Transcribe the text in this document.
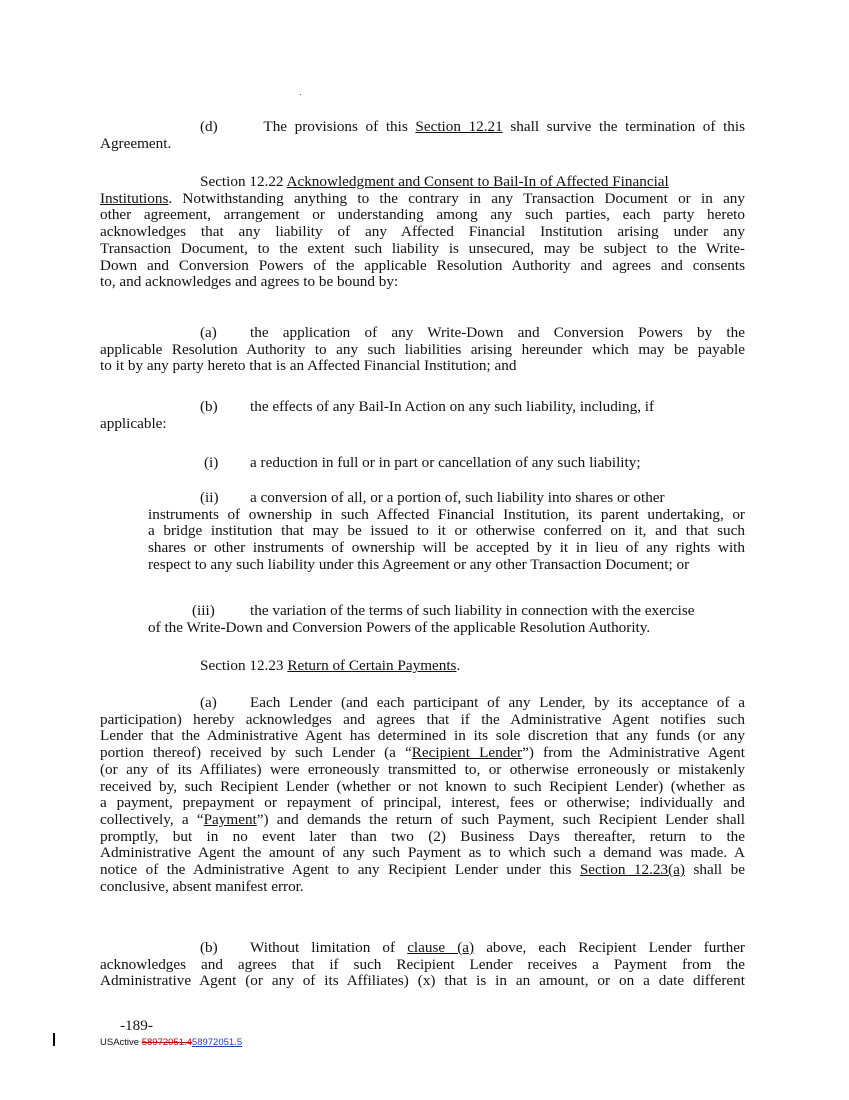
(d)      The provisions of this Section 12.21 shall survive the termination of this
Agreement.

Section 12.22 Acknowledgment and Consent to Bail-In of Affected Financial
Institutions. Notwithstanding anything to the contrary in any Transaction Document or in any
other agreement, arrangement or understanding among any such parties, each party hereto
acknowledges that any liability of any Affected Financial Institution arising under any
Transaction Document, to the extent such liability is unsecured, may be subject to the Write-
Down and Conversion Powers of the applicable Resolution Authority and agrees and consents
to, and acknowledges and agrees to be bound by:

(a) the application of any Write-Down and Conversion Powers by the
applicable Resolution Authority to any such liabilities arising hereunder which may be payable
to it by any party hereto that is an Affected Financial Institution; and

(b) the effects of any Bail-In Action on any such liability, including, if
applicable:

(i) a reduction in full or in part or cancellation of any such liability;

(ii) a conversion of all, or a portion of, such liability into shares or other
instruments of ownership in such Affected Financial Institution, its parent undertaking, or
a bridge institution that may be issued to it or otherwise conferred on it, and that such
shares or other instruments of ownership will be accepted by it in lieu of any rights with
respect to any such liability under this Agreement or any other Transaction Document; or

(iii) the variation of the terms of such liability in connection with the exercise
of the Write-Down and Conversion Powers of the applicable Resolution Authority.

Section 12.23 Return of Certain Payments.

(a) Each Lender (and each participant of any Lender, by its acceptance of a
participation) hereby acknowledges and agrees that if the Administrative Agent notifies such
Lender that the Administrative Agent has determined in its sole discretion that any funds (or any
portion thereof) received by such Lender (a “Recipient Lender”) from the Administrative Agent
(or any of its Affiliates) were erroneously transmitted to, or otherwise erroneously or mistakenly
received by, such Recipient Lender (whether or not known to such Recipient Lender) (whether as
a payment, prepayment or repayment of principal, interest, fees or otherwise; individually and
collectively, a “Payment”) and demands the return of such Payment, such Recipient Lender shall
promptly, but in no event later than two (2) Business Days thereafter, return to the
Administrative Agent the amount of any such Payment as to which such a demand was made. A
notice of the Administrative Agent to any Recipient Lender under this Section 12.23(a) shall be
conclusive, absent manifest error.

(b) Without limitation of clause (a) above, each Recipient Lender further
acknowledges and agrees that if such Recipient Lender receives a Payment from the
Administrative Agent (or any of its Affiliates) (x) that is in an amount, or on a date different

-189-
USActive 58972051.458972051.5
